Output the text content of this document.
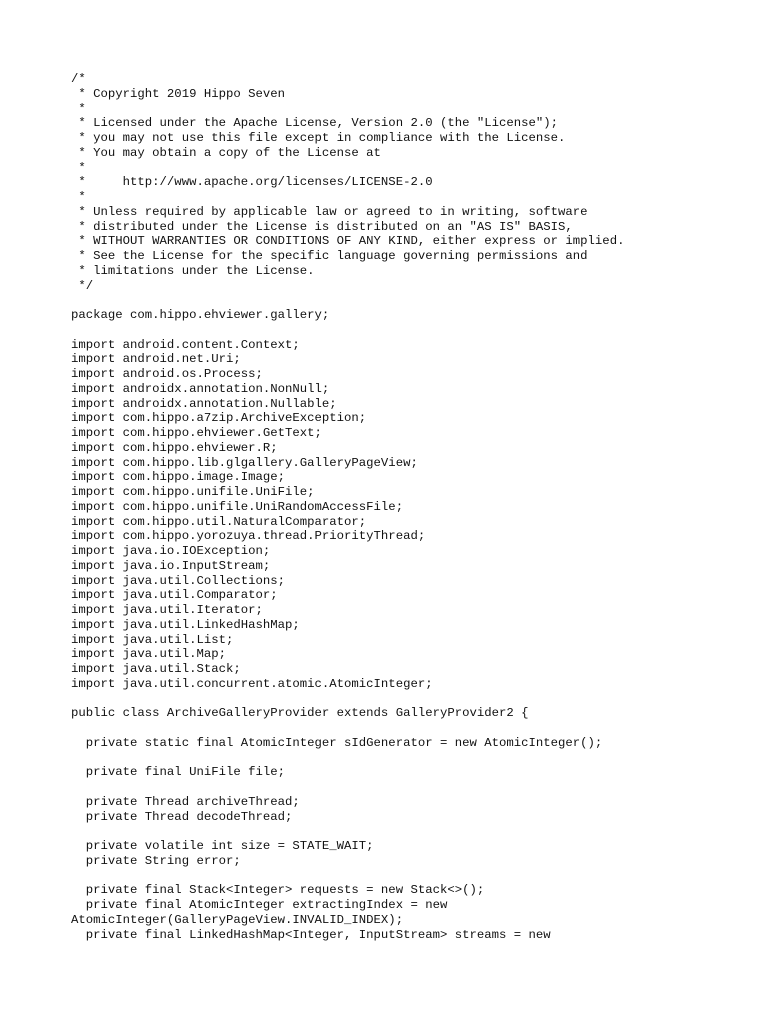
/*
* Copyright 2019 Hippo Seven
*
* Licensed under the Apache License, Version 2.0 (the "License");
* you may not use this file except in compliance with the License.
* You may obtain a copy of the License at
*
*     http://www.apache.org/licenses/LICENSE-2.0
*
* Unless required by applicable law or agreed to in writing, software
* distributed under the License is distributed on an "AS IS" BASIS,
* WITHOUT WARRANTIES OR CONDITIONS OF ANY KIND, either express or implied.
* See the License for the specific language governing permissions and
* limitations under the License.
*/
package com.hippo.ehviewer.gallery;
import android.content.Context;
import android.net.Uri;
import android.os.Process;
import androidx.annotation.NonNull;
import androidx.annotation.Nullable;
import com.hippo.a7zip.ArchiveException;
import com.hippo.ehviewer.GetText;
import com.hippo.ehviewer.R;
import com.hippo.lib.glgallery.GalleryPageView;
import com.hippo.image.Image;
import com.hippo.unifile.UniFile;
import com.hippo.unifile.UniRandomAccessFile;
import com.hippo.util.NaturalComparator;
import com.hippo.yorozuya.thread.PriorityThread;
import java.io.IOException;
import java.io.InputStream;
import java.util.Collections;
import java.util.Comparator;
import java.util.Iterator;
import java.util.LinkedHashMap;
import java.util.List;
import java.util.Map;
import java.util.Stack;
import java.util.concurrent.atomic.AtomicInteger;
public class ArchiveGalleryProvider extends GalleryProvider2 {
private static final AtomicInteger sIdGenerator = new AtomicInteger();
private final UniFile file;
private Thread archiveThread;
private Thread decodeThread;
private volatile int size = STATE_WAIT;
private String error;
private final Stack<Integer> requests = new Stack<>();
private final AtomicInteger extractingIndex = new
AtomicInteger(GalleryPageView.INVALID_INDEX);
private final LinkedHashMap<Integer, InputStream> streams = new
